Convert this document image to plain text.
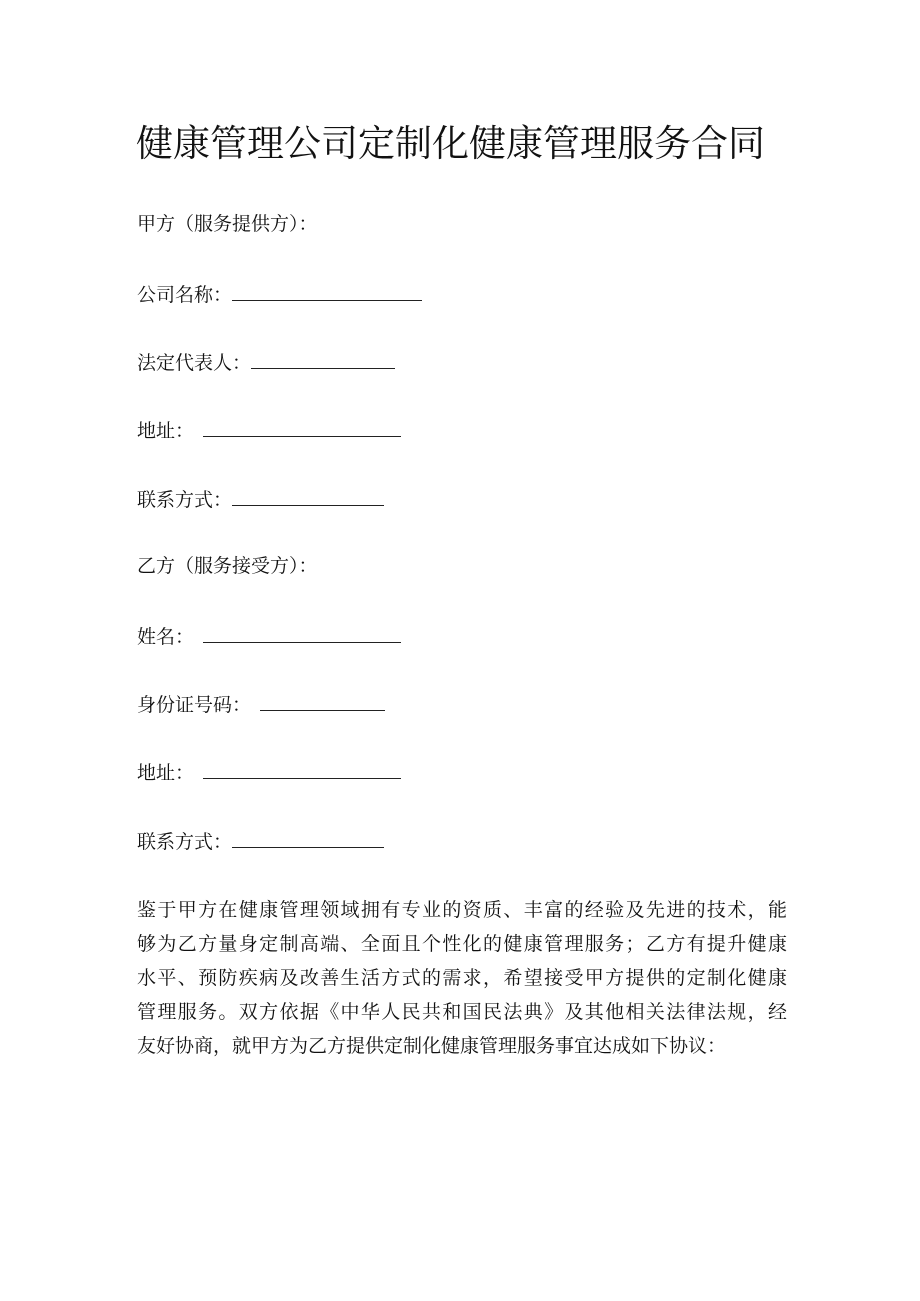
健康管理公司定制化健康管理服务合同
甲方（服务提供方）：
公司名称：
法定代表人：
地址：
联系方式：
乙方（服务接受方）：
姓名：
身份证号码：
地址：
联系方式：
鉴于甲方在健康管理领域拥有专业的资质、丰富的经验及先进的技术，能
够为乙方量身定制高端、全面且个性化的健康管理服务；乙方有提升健康
水平、预防疾病及改善生活方式的需求，希望接受甲方提供的定制化健康
管理服务。双方依据《中华人民共和国民法典》及其他相关法律法规，经
友好协商，就甲方为乙方提供定制化健康管理服务事宜达成如下协议：
